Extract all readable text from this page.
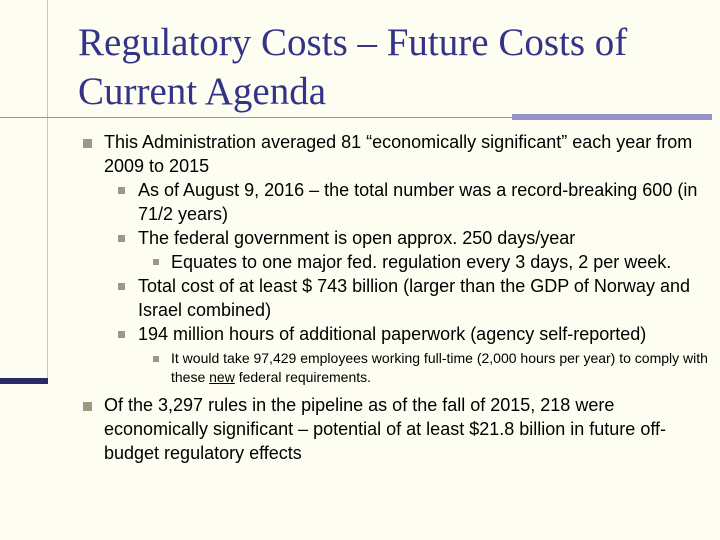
Regulatory Costs – Future Costs of
Current Agenda
This Administration averaged 81 “economically significant” each year from 2009 to 2015
As of August 9, 2016 – the total number was a record-breaking 600 (in 71/2 years)
The federal government is open approx. 250 days/year
Equates to one major fed. regulation every 3 days, 2 per week.
Total cost of at least $ 743 billion (larger than the GDP of Norway and Israel combined)
194 million hours of additional paperwork (agency self-reported)
It would take 97,429 employees working full-time (2,000 hours per year) to comply with these new federal requirements.
Of the 3,297 rules in the pipeline as of the fall of 2015, 218 were economically significant – potential of at least $21.8 billion in future off-budget regulatory effects
